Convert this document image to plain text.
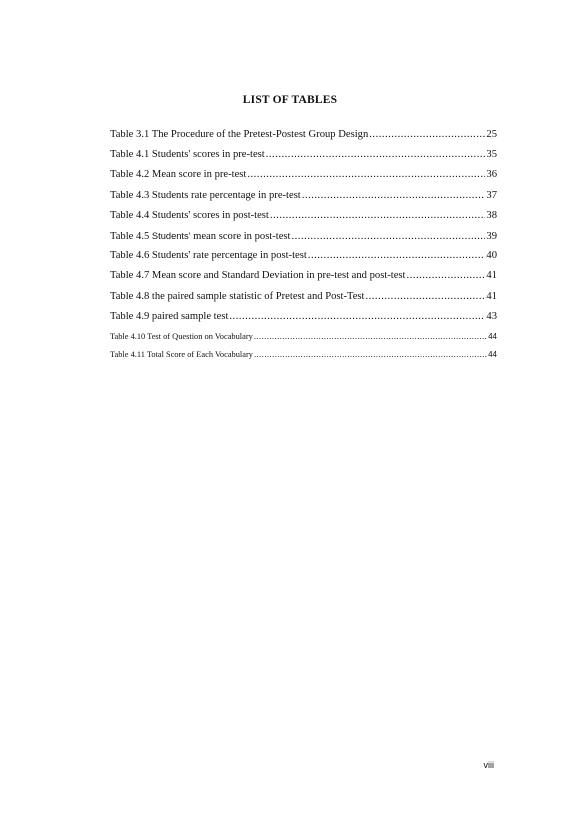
LIST OF TABLES
Table 3.1 The Procedure of the Pretest-Postest Group Design .....	25
Table 4.1 Students' scores in pre-test .....	35
Table 4.2 Mean score in pre-test .....	36
Table 4.3 Students rate percentage in pre-test .....	37
Table 4.4 Students' scores in post-test .....	38
Table 4.5 Students' mean score in post-test .....	39
Table 4.6 Students' rate percentage in post-test .....	40
Table 4.7 Mean score and Standard Deviation in pre-test and post-test .....	41
Table 4.8 the paired sample statistic of Pretest and Post-Test .....	41
Table 4.9 paired sample test .....	43
Table 4.10 Test of Question on Vocabulary .....	44
Table 4.11 Total Score of Each Vocabulary .....	44
viii
